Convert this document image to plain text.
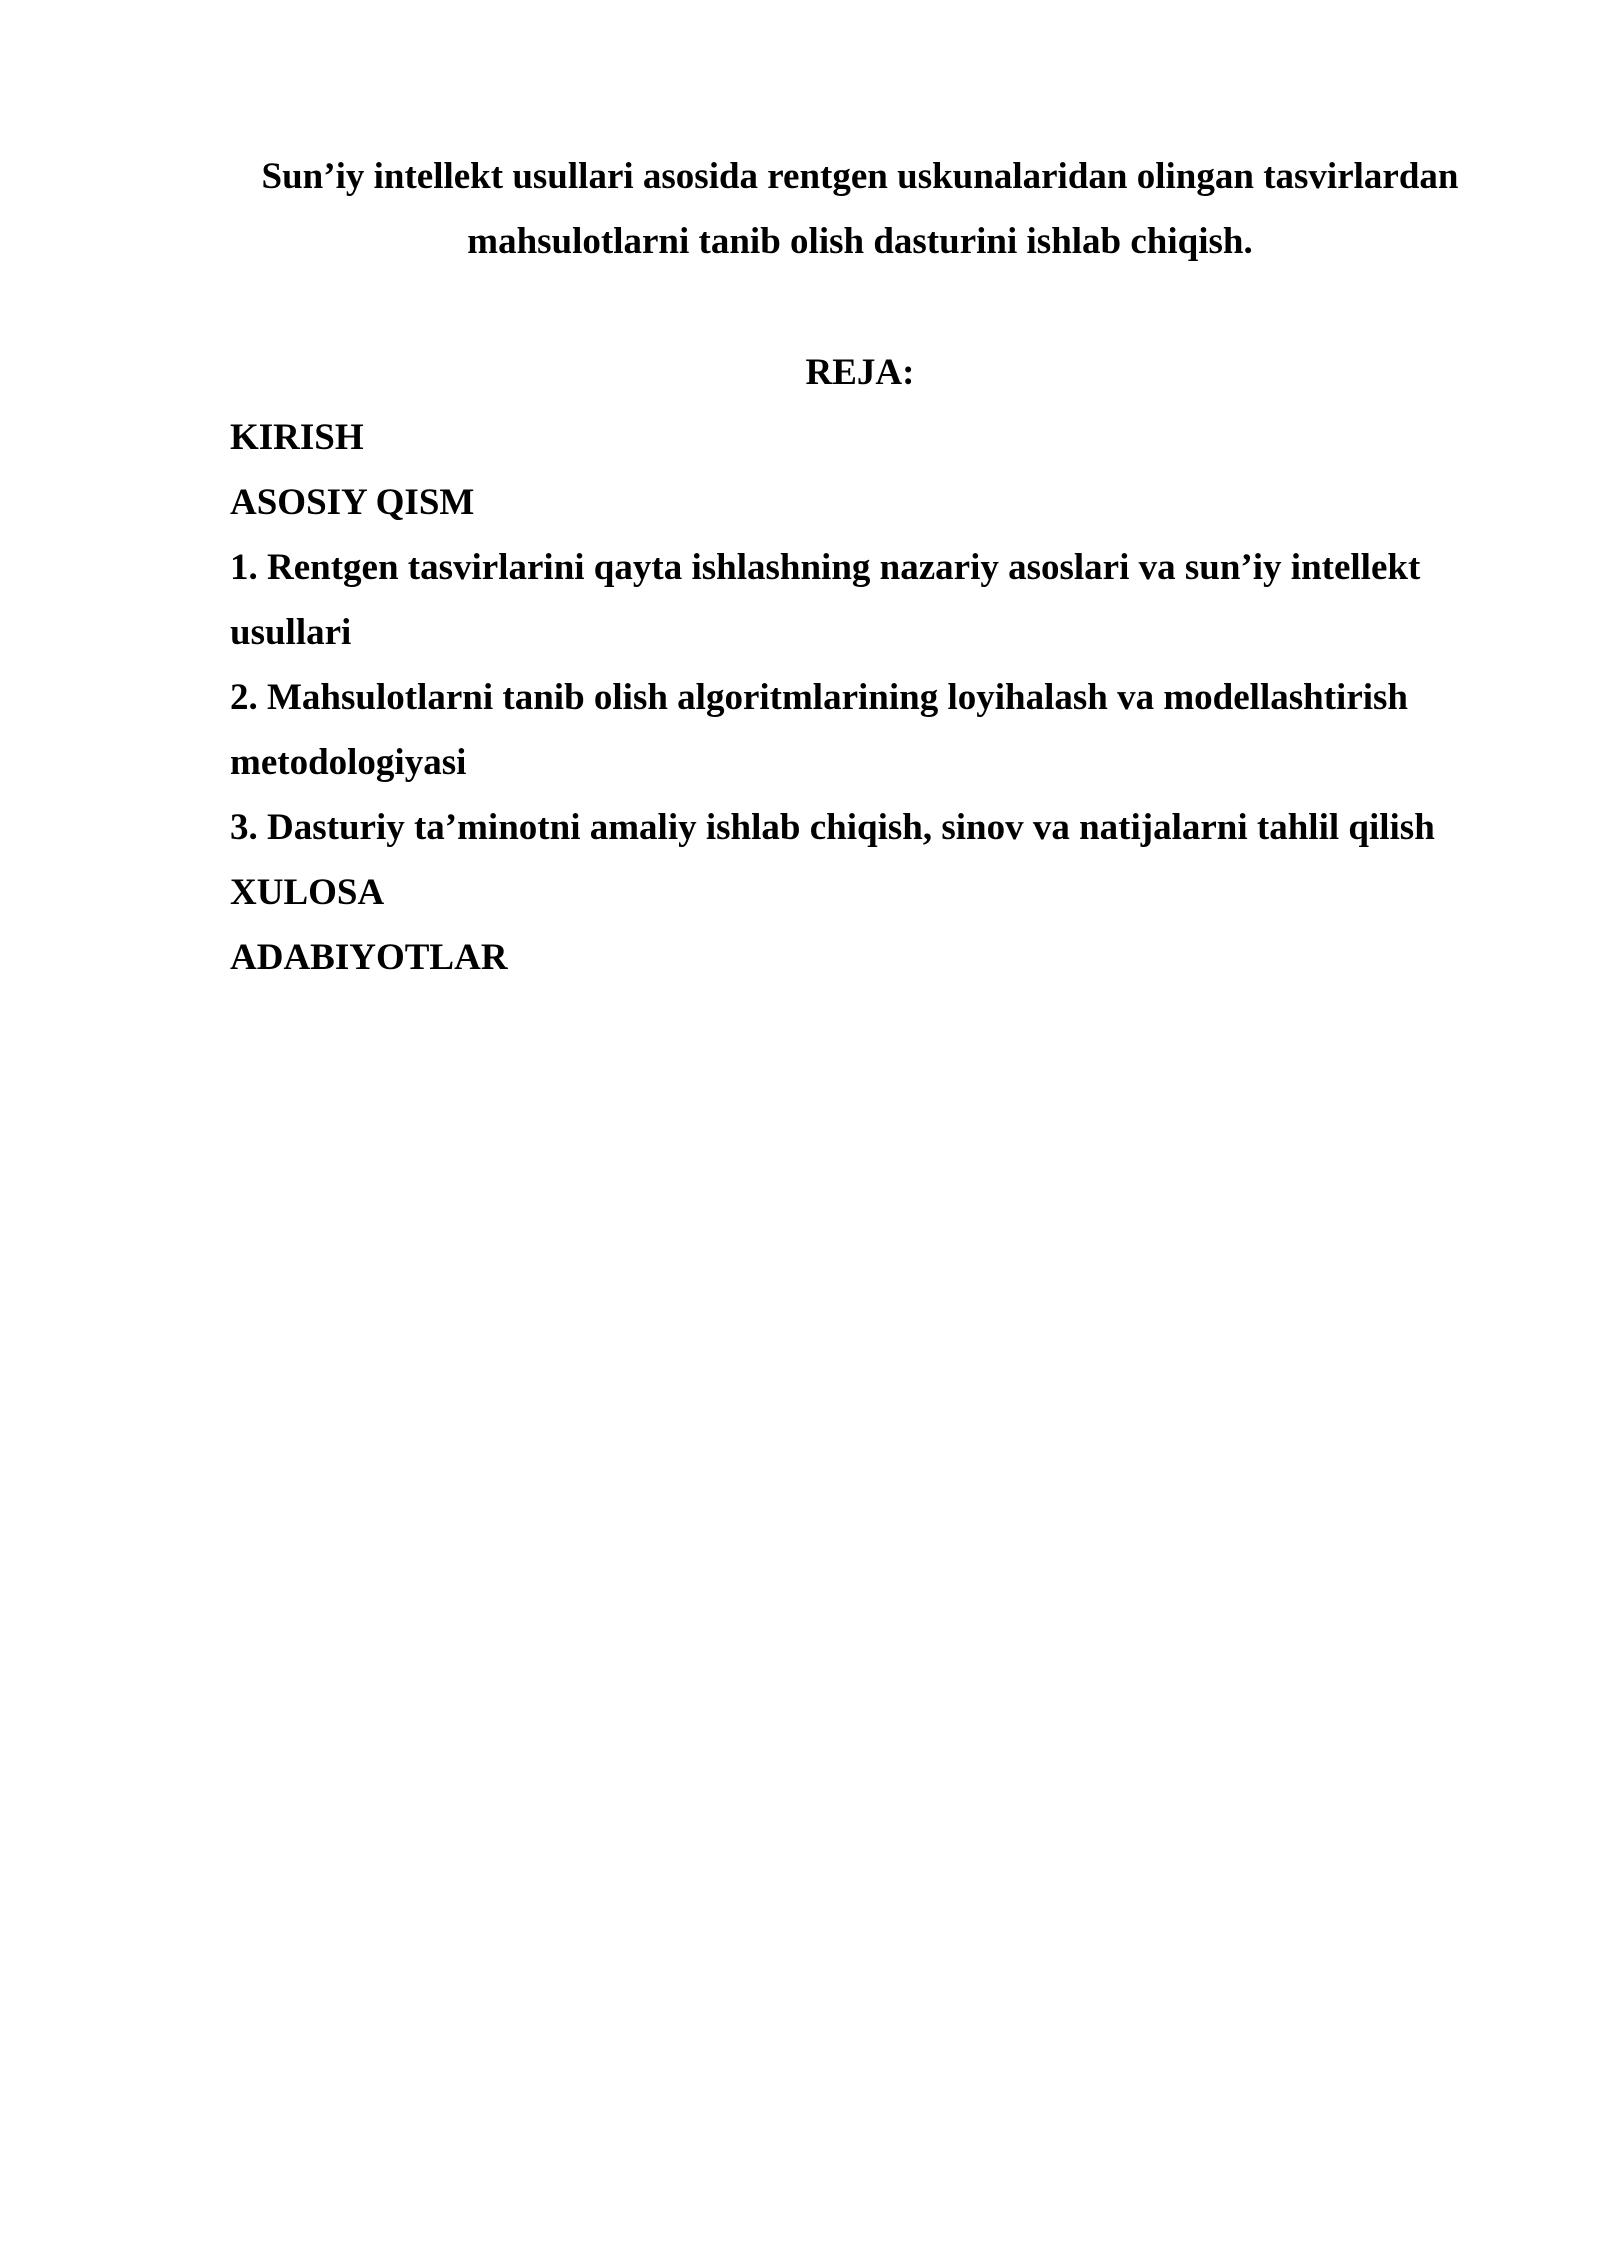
Sun’iy intellekt usullari asosida rentgen uskunalaridan olingan tasvirlardan
mahsulotlarni tanib olish dasturini ishlab chiqish.
REJA:
KIRISH
ASOSIY QISM
1. Rentgen tasvirlarini qayta ishlashning nazariy asoslari va sun’iy intellekt usullari
2. Mahsulotlarni tanib olish algoritmlarining loyihalash va modellashtirish metodologiyasi
3. Dasturiy ta’minotni amaliy ishlab chiqish, sinov va natijalarni tahlil qilish
XULOSA
ADABIYOTLAR
